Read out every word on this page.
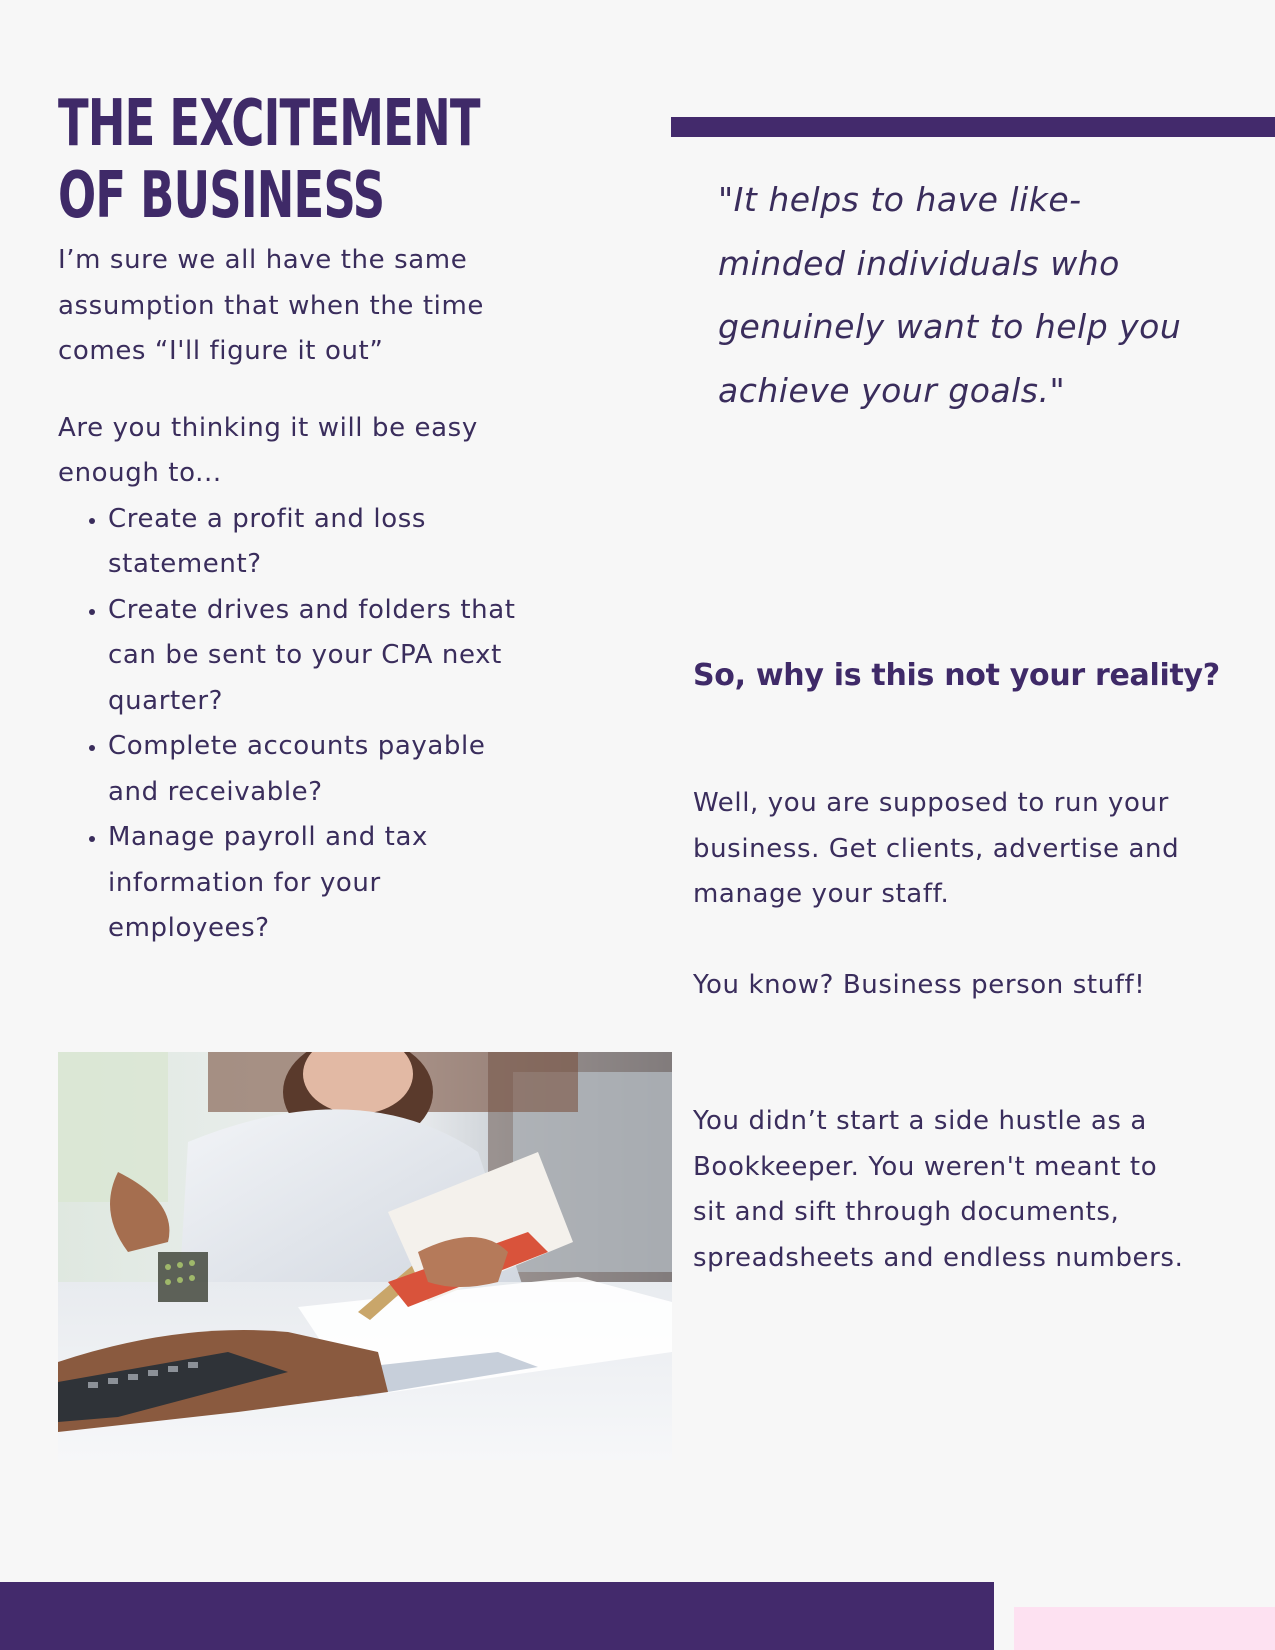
THE EXCITEMENT OF BUSINESS

I’m sure we all have the same assumption that when the time comes “I'll figure it out”

Are you thinking it will be easy enough to...

• Create a profit and loss statement?
• Create drives and folders that can be sent to your CPA next quarter?
• Complete accounts payable and receivable?
• Manage payroll and tax information for your employees?

"It helps to have like-minded individuals who genuinely want to help you achieve your goals."

So, why is this not your reality?

Well, you are supposed to run your business. Get clients, advertise and manage your staff.

You know? Business person stuff!

You didn’t start a side hustle as a Bookkeeper. You weren't meant to sit and sift through documents, spreadsheets and endless numbers.
